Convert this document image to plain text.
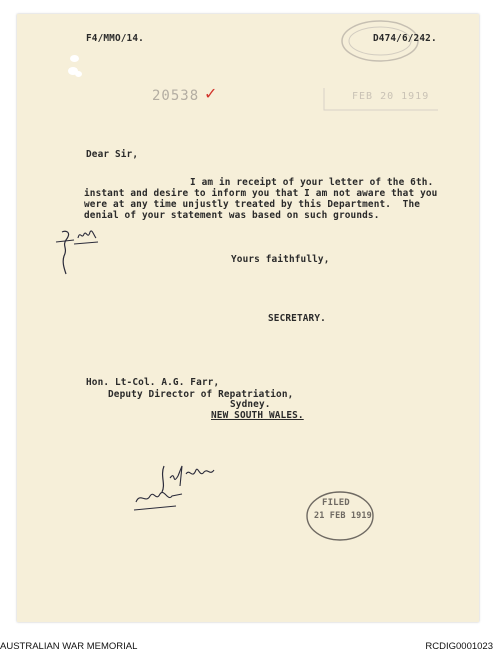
F4/MMO/14.	D474/6/242.
20538 ✓	FEB 20 1919
Dear Sir,
I am in receipt of your letter of the 6th.
instant and desire to inform you that I am not aware that you
were at any time unjustly treated by this Department.  The
denial of your statement was based on such grounds.
Yours faithfully,
SECRETARY.
Hon. Lt-Col. A.G. Farr,
Deputy Director of Repatriation,
Sydney.
NEW SOUTH WALES.
FILED
21 FEB 1919
AUSTRALIAN WAR MEMORIAL	RCDIG0001023
